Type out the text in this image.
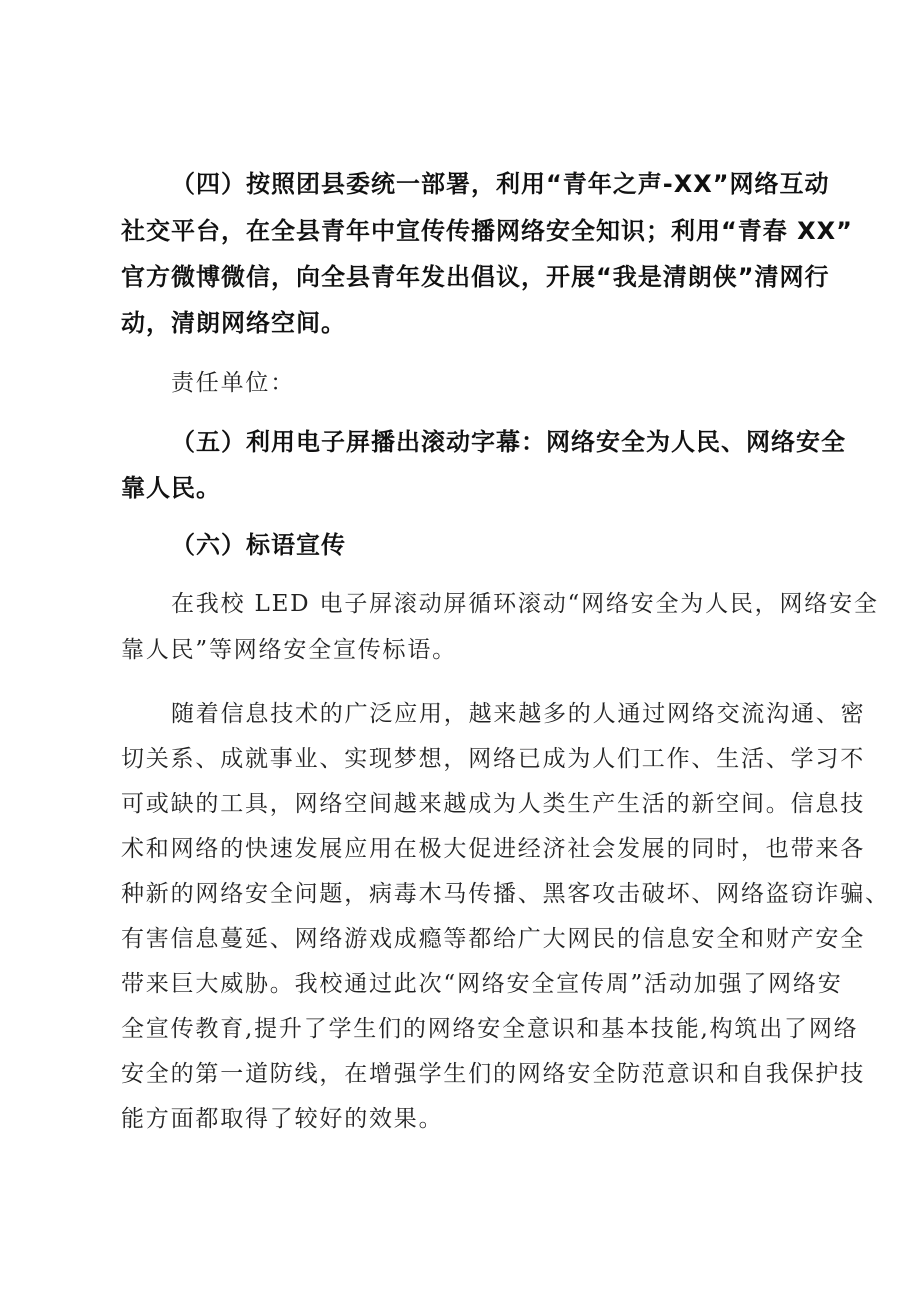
（四）按照团县委统一部署，利用“青年之声-XX”网络互动
社交平台，在全县青年中宣传传播网络安全知识；利用“青春 XX”
官方微博微信，向全县青年发出倡议，开展“我是清朗侠”清网行
动，清朗网络空间。
责任单位：
（五）利用电子屏播出滚动字幕：网络安全为人民、网络安全
靠人民。
（六）标语宣传
在我校 LED 电子屏滚动屏循环滚动“网络安全为人民，网络安全
靠人民”等网络安全宣传标语。
随着信息技术的广泛应用，越来越多的人通过网络交流沟通、密
切关系、成就事业、实现梦想，网络已成为人们工作、生活、学习不
可或缺的工具，网络空间越来越成为人类生产生活的新空间。信息技
术和网络的快速发展应用在极大促进经济社会发展的同时，也带来各
种新的网络安全问题，病毒木马传播、黑客攻击破坏、网络盗窃诈骗、
有害信息蔓延、网络游戏成瘾等都给广大网民的信息安全和财产安全
带来巨大威胁。我校通过此次“网络安全宣传周”活动加强了网络安
全宣传教育,提升了学生们的网络安全意识和基本技能,构筑出了网络
安全的第一道防线，在增强学生们的网络安全防范意识和自我保护技
能方面都取得了较好的效果。
